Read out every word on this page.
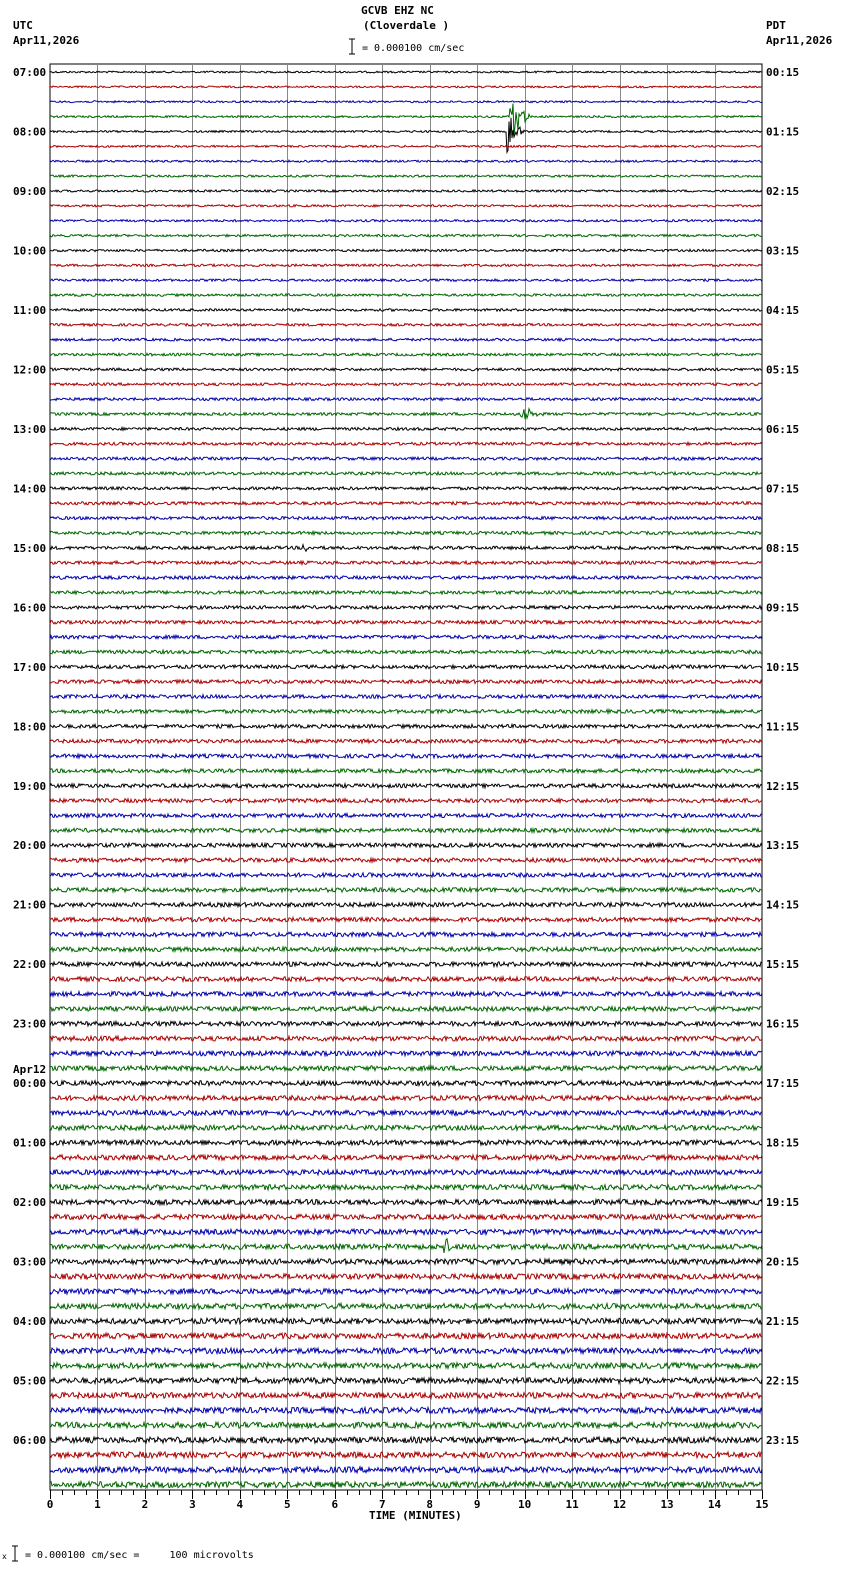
GCVB EHZ NC
(Cloverdale )
UTC
Apr11,2026
PDT
Apr11,2026
= 0.000100 cm/sec
07:00
08:00
09:00
10:00
11:00
12:00
13:00
14:00
15:00
16:00
17:00
18:00
19:00
20:00
21:00
22:00
23:00
00:00
01:00
02:00
03:00
04:00
05:00
06:00
Apr12
00:15
01:15
02:15
03:15
04:15
05:15
06:15
07:15
08:15
09:15
10:15
11:15
12:15
13:15
14:15
15:15
16:15
17:15
18:15
19:15
20:15
21:15
22:15
23:15
0	1	2	3	4	5	6	7	8	9	10	11	12	13	14	15
TIME (MINUTES)
x = 0.000100 cm/sec =     100 microvolts
